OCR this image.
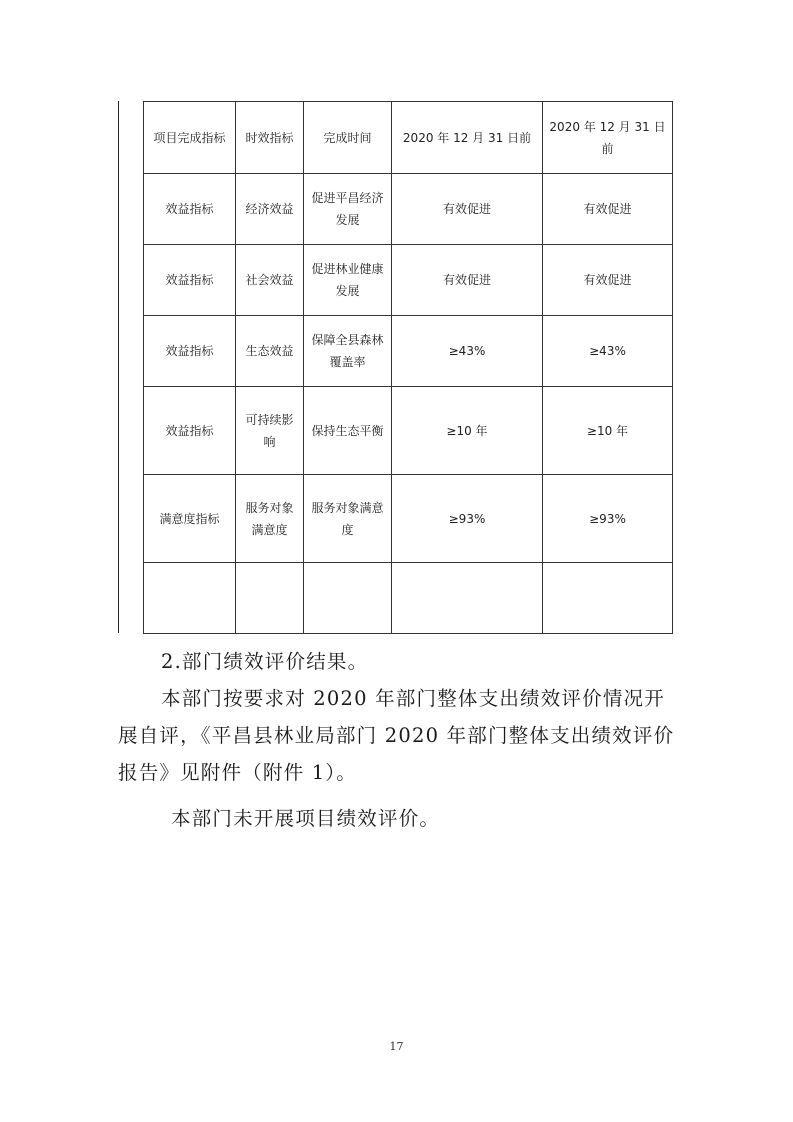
项目完成指标	时效指标	完成时间	2020 年 12 月 31 日前	2020 年 12 月 31 日前
效益指标	经济效益	促进平昌经济发展	有效促进	有效促进
效益指标	社会效益	促进林业健康发展	有效促进	有效促进
效益指标	生态效益	保障全县森林覆盖率	≥43%	≥43%
效益指标	可持续影响	保持生态平衡	≥10 年	≥10 年
满意度指标	服务对象满意度	服务对象满意度	≥93%	≥93%

2.部门绩效评价结果。

本部门按要求对 2020 年部门整体支出绩效评价情况开展自评，《平昌县林业局部门 2020 年部门整体支出绩效评价报告》见附件（附件 1）。

本部门未开展项目绩效评价。

17
